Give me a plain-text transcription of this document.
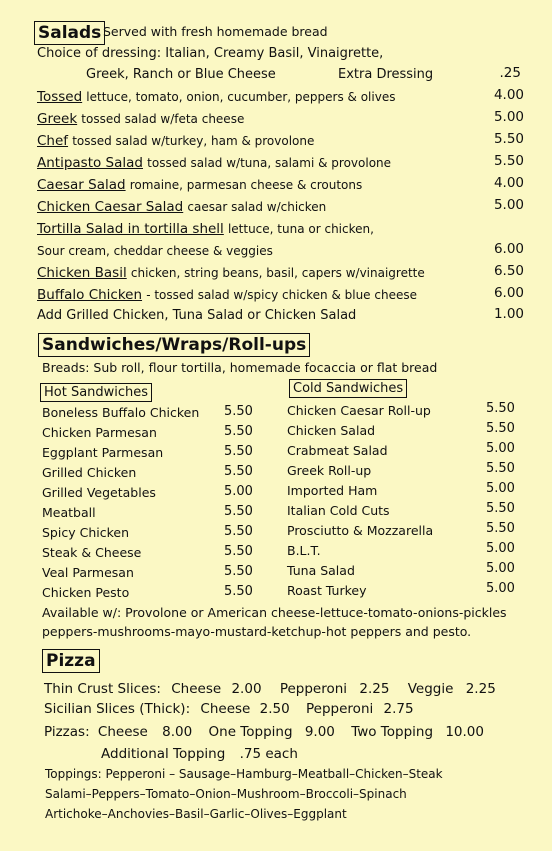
Salads Served with fresh homemade bread
Choice of dressing: Italian, Creamy Basil, Vinaigrette,
Greek, Ranch or Blue Cheese	Extra Dressing	.25
Tossed lettuce, tomato, onion, cucumber, peppers & olives	4.00
Greek tossed salad w/feta cheese	5.00
Chef tossed salad w/turkey, ham & provolone	5.50
Antipasto Salad tossed salad w/tuna, salami & provolone	5.50
Caesar Salad romaine, parmesan cheese & croutons	4.00
Chicken Caesar Salad caesar salad w/chicken	5.00
Tortilla Salad in tortilla shell lettuce, tuna or chicken,
Sour cream, cheddar cheese & veggies	6.00
Chicken Basil chicken, string beans, basil, capers w/vinaigrette	6.50
Buffalo Chicken - tossed salad w/spicy chicken & blue cheese	6.00
Add Grilled Chicken, Tuna Salad or Chicken Salad	1.00
Sandwiches/Wraps/Roll-ups
Breads: Sub roll, flour tortilla, homemade focaccia or flat bread
Hot Sandwiches	Cold Sandwiches
Boneless Buffalo Chicken 5.50
Chicken Parmesan	5.50
Eggplant Parmesan	5.50
Grilled Chicken	5.50
Grilled Vegetables	5.00
Meatball	5.50
Spicy Chicken	5.50
Steak & Cheese	5.50
Veal Parmesan	5.50
Chicken Pesto	5.50
Chicken Caesar Roll-up	5.50
Chicken Salad	5.50
Crabmeat Salad	5.00
Greek Roll-up	5.50
Imported Ham	5.00
Italian Cold Cuts	5.50
Prosciutto & Mozzarella	5.50
B.L.T.	5.00
Tuna Salad	5.00
Roast Turkey	5.00
Available w/: Provolone or American cheese-lettuce-tomato-onions-pickles
peppers-mushrooms-mayo-mustard-ketchup-hot peppers and pesto.
Pizza
Thin Crust Slices: Cheese 2.00 Pepperoni 2.25 Veggie 2.25
Sicilian Slices (Thick): Cheese 2.50 Pepperoni 2.75
Pizzas: Cheese 8.00 One Topping 9.00 Two Topping 10.00
Additional Topping .75 each
Toppings: Pepperoni – Sausage–Hamburg–Meatball–Chicken–Steak
Salami–Peppers–Tomato–Onion–Mushroom–Broccoli–Spinach
Artichoke–Anchovies–Basil–Garlic–Olives–Eggplant
